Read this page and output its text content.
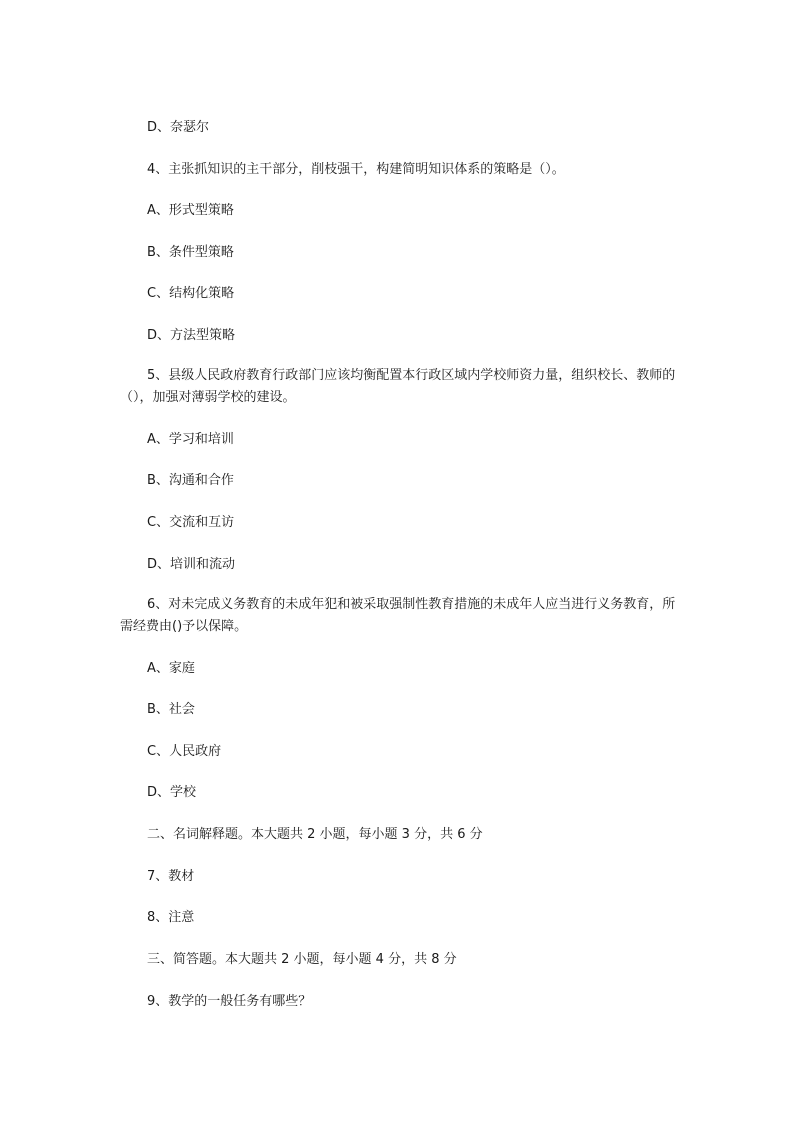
D、奈瑟尔
4、主张抓知识的主干部分，削枝强干，构建简明知识体系的策略是（）。
A、形式型策略
B、条件型策略
C、结构化策略
D、方法型策略
5、县级人民政府教育行政部门应该均衡配置本行政区域内学校师资力量，组织校长、教师的（），加强对薄弱学校的建设。
A、学习和培训
B、沟通和合作
C、交流和互访
D、培训和流动
6、对未完成义务教育的未成年犯和被采取强制性教育措施的未成年人应当进行义务教育，所需经费由()予以保障。
A、家庭
B、社会
C、人民政府
D、学校
二、名词解释题。本大题共 2 小题，每小题 3 分，共 6 分
7、教材
8、注意
三、简答题。本大题共 2 小题，每小题 4 分，共 8 分
9、教学的一般任务有哪些？
